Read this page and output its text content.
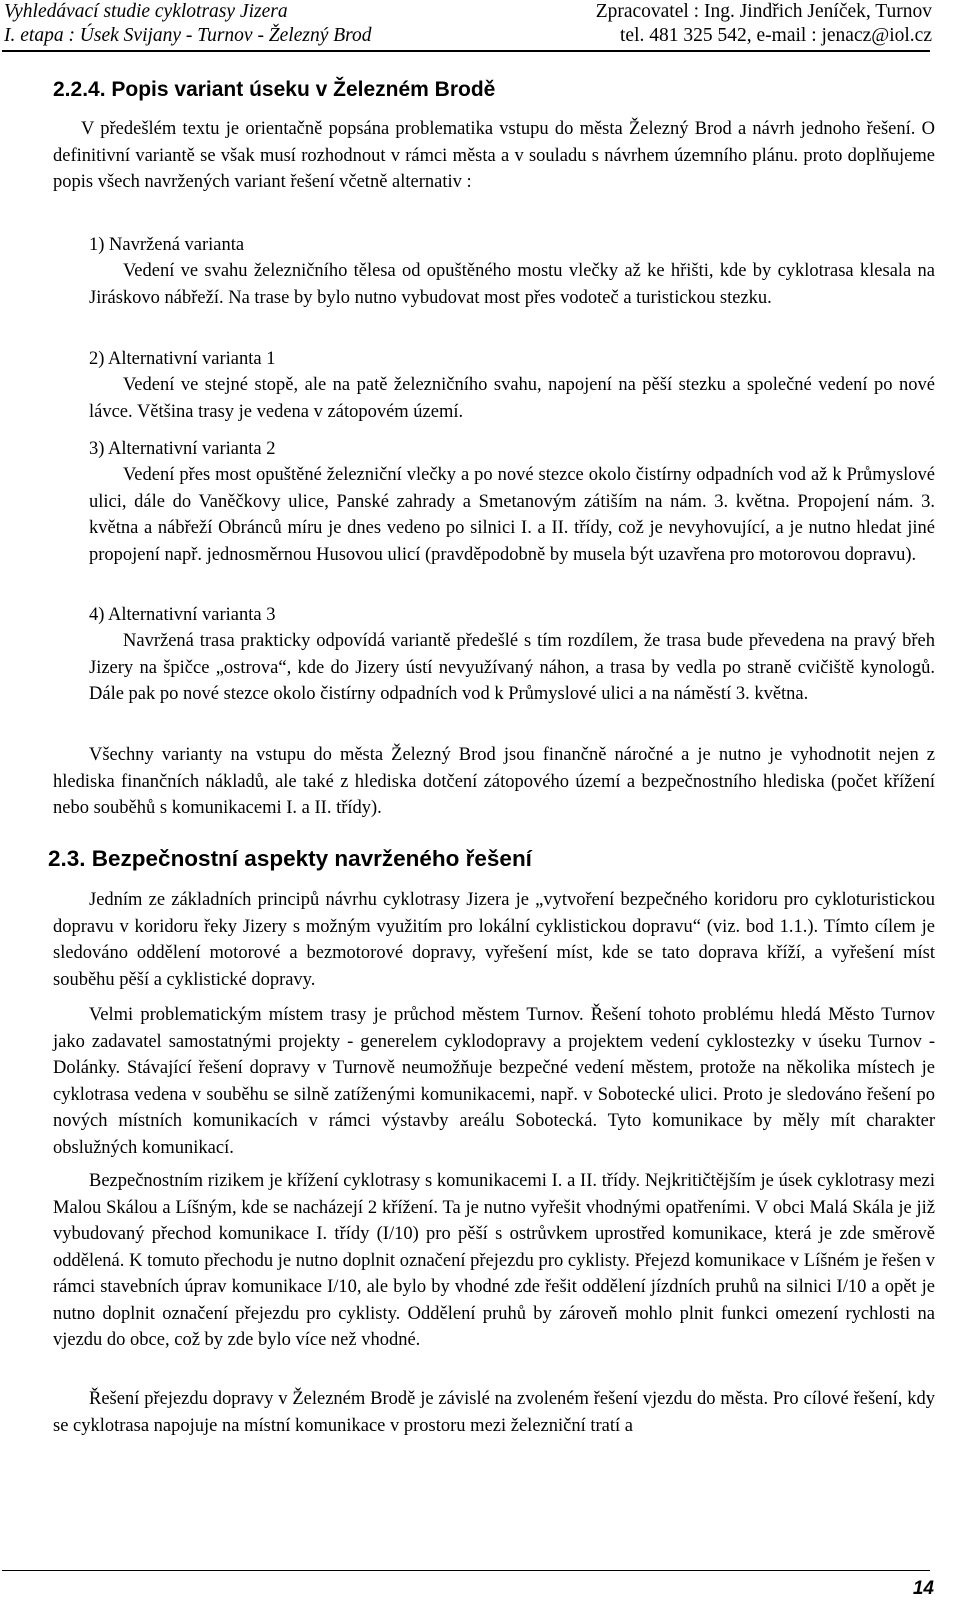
Vyhledávací studie cyklotrasy Jizera
I. etapa : Úsek Svijany - Turnov - Železný Brod
Zpracovatel : Ing. Jindřich Jeníček, Turnov
tel. 481 325 542, e-mail : jenacz@iol.cz
2.2.4. Popis variant úseku v Železném Brodě

V předešlém textu je orientačně popsána problematika vstupu do města Železný Brod a návrh jednoho řešení. O definitivní variantě se však musí rozhodnout v rámci města a v souladu s návrhem územního plánu. proto doplňujeme popis všech navržených variant řešení včetně alternativ :

1) Navržená varianta

Vedení ve svahu železničního tělesa od opuštěného mostu vlečky až ke hřišti, kde by cyklotrasa klesala na Jiráskovo nábřeží. Na trase by bylo nutno vybudovat most přes vodoteč a turistickou stezku.

2) Alternativní varianta 1

Vedení ve stejné stopě, ale na patě železničního svahu, napojení na pěší stezku a společné vedení po nové lávce. Většina trasy je vedena v zátopovém území.

3) Alternativní varianta 2

Vedení přes most opuštěné železniční vlečky a po nové stezce okolo čistírny odpadních vod až k Průmyslové ulici, dále do Vaněčkovy ulice, Panské zahrady a Smetanovým zátiším na nám. 3. května. Propojení nám. 3. května a nábřeží Obránců míru je dnes vedeno po silnici I. a II. třídy, což je nevyhovující, a je nutno hledat jiné propojení např. jednosměrnou Husovou ulicí (pravděpodobně by musela být uzavřena pro motorovou dopravu).

4) Alternativní varianta 3

Navržená trasa prakticky odpovídá variantě předešlé s tím rozdílem, že trasa bude převedena na pravý břeh Jizery na špičce „ostrova“, kde do Jizery ústí nevyužívaný náhon, a trasa by vedla po straně cvičiště kynologů. Dále pak po nové stezce okolo čistírny odpadních vod k Průmyslové ulici a na náměstí 3. května.

Všechny varianty na vstupu do města Železný Brod jsou finančně náročné a je nutno je vyhodnotit nejen z hlediska finančních nákladů, ale také z hlediska dotčení zátopového území a bezpečnostního hlediska (počet křížení nebo souběhů s komunikacemi I. a II. třídy).

2.3. Bezpečnostní aspekty navrženého řešení

Jedním ze základních principů návrhu cyklotrasy Jizera je „vytvoření bezpečného koridoru pro cykloturistickou dopravu v koridoru řeky Jizery s možným využitím pro lokální cyklistickou dopravu“ (viz. bod 1.1.). Tímto cílem je sledováno oddělení motorové a bezmotorové dopravy, vyřešení míst, kde se tato doprava kříží, a vyřešení míst souběhu pěší a cyklistické dopravy.

Velmi problematickým místem trasy je průchod městem Turnov. Řešení tohoto problému hledá Město Turnov jako zadavatel samostatnými projekty - generelem cyklodopravy a projektem vedení cyklostezky v úseku Turnov - Dolánky. Stávající řešení dopravy v Turnově neumožňuje bezpečné vedení městem, protože na několika místech je cyklotrasa vedena v souběhu se silně zatíženými komunikacemi, např. v Sobotecké ulici. Proto je sledováno řešení po nových místních komunikacích v rámci výstavby areálu Sobotecká. Tyto komunikace by měly mít charakter obslužných komunikací.

Bezpečnostním rizikem je křížení cyklotrasy s komunikacemi I. a II. třídy. Nejkritičtějším je úsek cyklotrasy mezi Malou Skálou a Líšným, kde se nacházejí 2 křížení. Ta je nutno vyřešit vhodnými opatřeními. V obci Malá Skála je již vybudovaný přechod komunikace I. třídy (I/10) pro pěší s ostrůvkem uprostřed komunikace, která je zde směrově oddělená. K tomuto přechodu je nutno doplnit označení přejezdu pro cyklisty. Přejezd komunikace v Líšném je řešen v rámci stavebních úprav komunikace I/10, ale bylo by vhodné zde řešit oddělení jízdních pruhů na silnici I/10 a opět je nutno doplnit označení přejezdu pro cyklisty. Oddělení pruhů by zároveň mohlo plnit funkci omezení rychlosti na vjezdu do obce, což by zde bylo více než vhodné.

Řešení přejezdu dopravy v Železném Brodě je závislé na zvoleném řešení vjezdu do města. Pro cílové řešení, kdy se cyklotrasa napojuje na místní komunikace v prostoru mezi železniční tratí a

14
